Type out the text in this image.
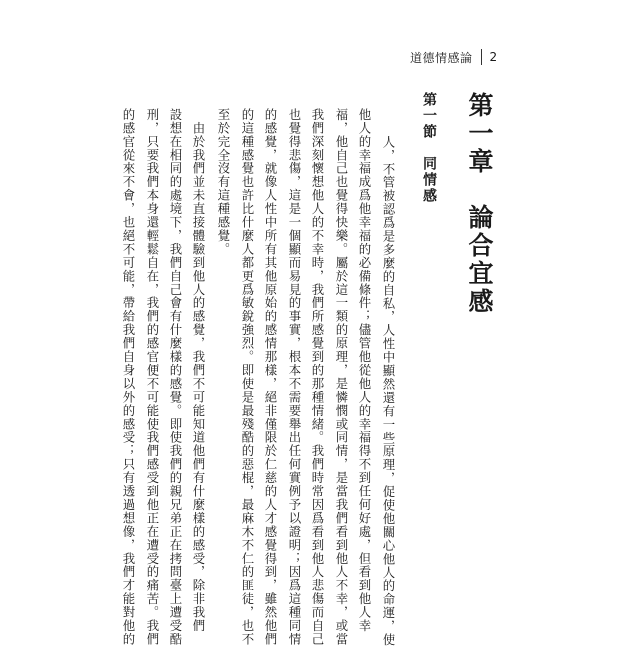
道德情感論 2
第一章　論合宜感
第一節　同情感
　人，不管被認爲是多麼的自私，人性中顯然還有一些原理，促使他關心他人的命運，使
他人的幸福成爲他幸福的必備條件；儘管他從他人的幸福得不到任何好處，但看到他人幸
福，他自己也覺得快樂。屬於這一類的原理，是憐憫或同情，是當我們看到他人不幸，或當
我們深刻懷想他人的不幸時，我們所感覺到的那種情緒。我們時常因爲看到他人悲傷而自己
也覺得悲傷，這是一個顯而易見的事實，根本不需要舉出任何實例予以證明；因爲這種同情
的感覺，就像人性中所有其他原始的感情那樣，絕非僅限於仁慈的人才感覺得到，雖然他們
的這種感覺也許比什麼人都更爲敏銳強烈。即使是最殘酷的惡棍，最麻木不仁的匪徒，也不
至於完全沒有這種感覺。
　由於我們並未直接體驗到他人的感覺，我們不可能知道他們有什麼樣的感受，除非我們
設想在相同的處境下，我們自己會有什麼樣的感覺。即使我們的親兄弟正在拷問臺上遭受酷
刑，只要我們本身還輕鬆自在，我們的感官便不可能使我們感受到他正在遭受的痛苦。我們
的感官從來不會，也絕不可能，帶給我們自身以外的感受；只有透過想像，我們才能對他的
